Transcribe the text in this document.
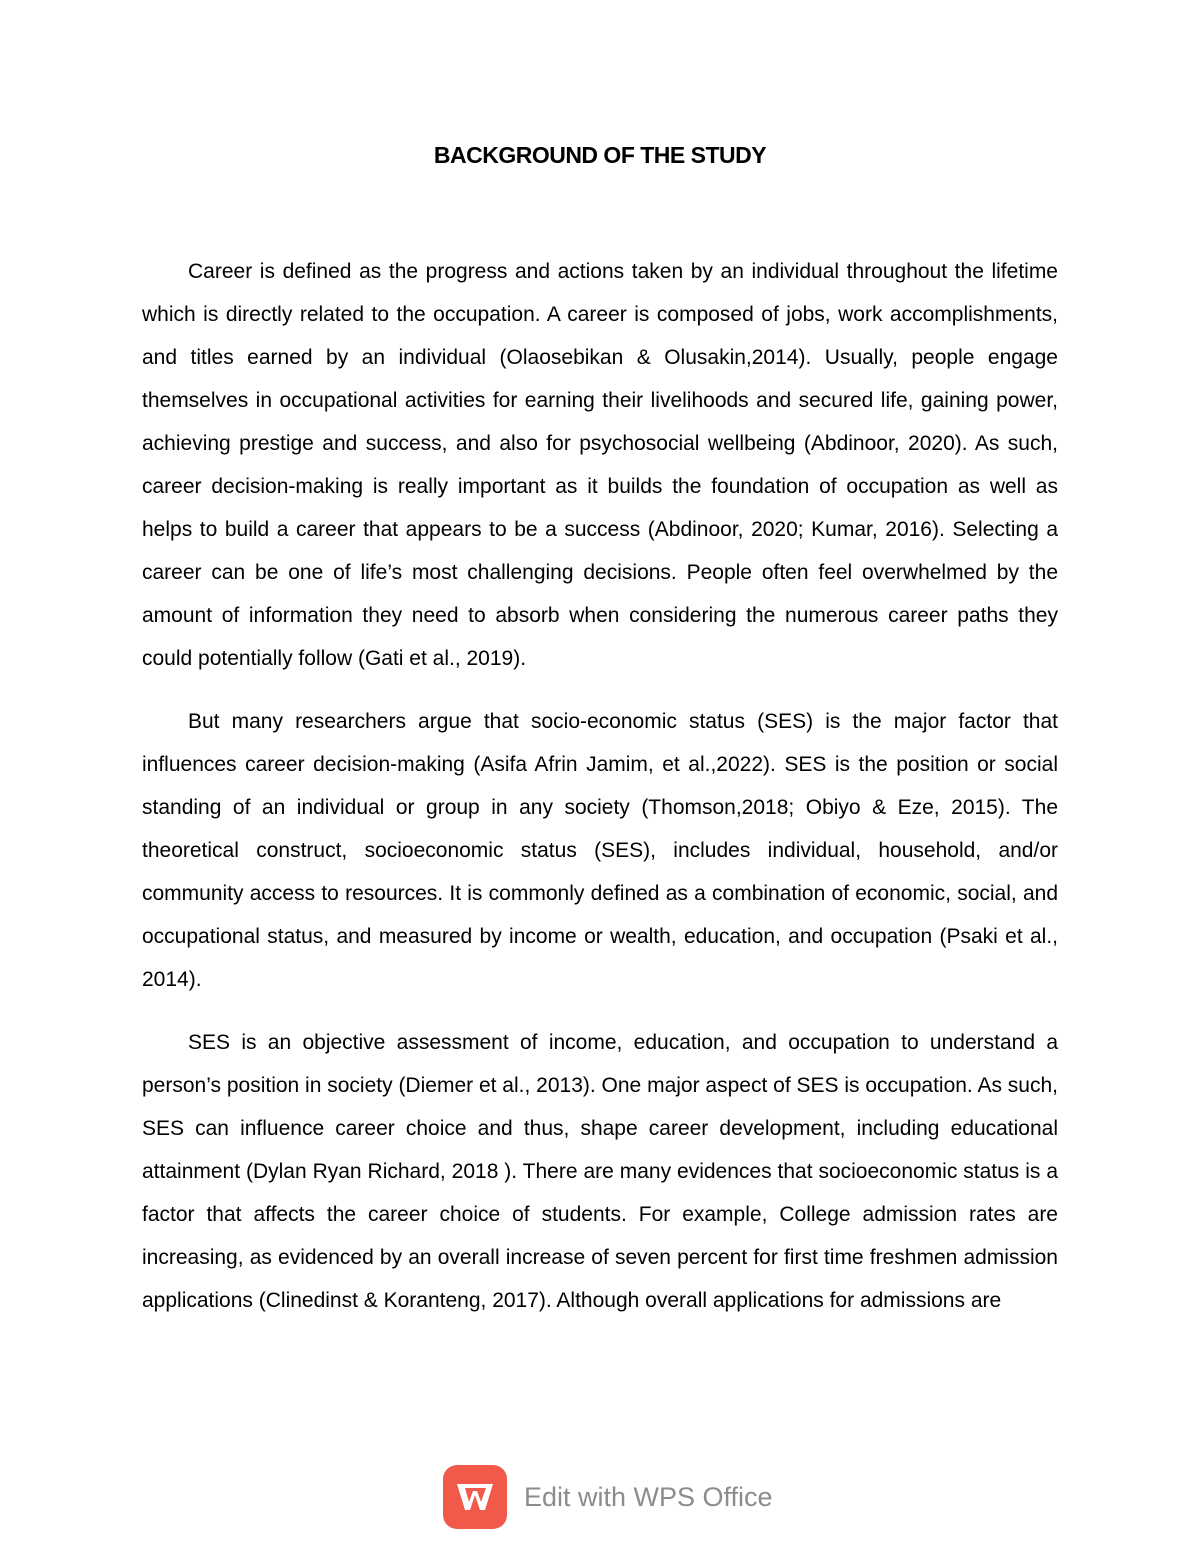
BACKGROUND OF THE STUDY

Career is defined as the progress and actions taken by an individual throughout the lifetime which is directly related to the occupation. A career is composed of jobs, work accomplishments, and titles earned by an individual (Olaosebikan & Olusakin,2014). Usually, people engage themselves in occupational activities for earning their livelihoods and secured life, gaining power, achieving prestige and success, and also for psychosocial wellbeing (Abdinoor, 2020). As such, career decision-making is really important as it builds the foundation of occupation as well as helps to build a career that appears to be a success (Abdinoor, 2020; Kumar, 2016). Selecting a career can be one of life’s most challenging decisions. People often feel overwhelmed by the amount of information they need to absorb when considering the numerous career paths they could potentially follow (Gati et al., 2019).

But many researchers argue that socio-economic status (SES) is the major factor that influences career decision-making (Asifa Afrin Jamim, et al.,2022). SES is the position or social standing of an individual or group in any society (Thomson,2018; Obiyo & Eze, 2015). The theoretical construct, socioeconomic status (SES), includes individual, household, and/or community access to resources. It is commonly defined as a combination of economic, social, and occupational status, and measured by income or wealth, education, and occupation (Psaki et al., 2014).

SES is an objective assessment of income, education, and occupation to understand a person’s position in society (Diemer et al., 2013). One major aspect of SES is occupation. As such, SES can influence career choice and thus, shape career development, including educational attainment (Dylan Ryan Richard, 2018 ). There are many evidences that socioeconomic status is a factor that affects the career choice of students. For example, College admission rates are increasing, as evidenced by an overall increase of seven percent for first time freshmen admission applications (Clinedinst & Koranteng, 2017). Although overall applications for admissions are

Edit with WPS Office
